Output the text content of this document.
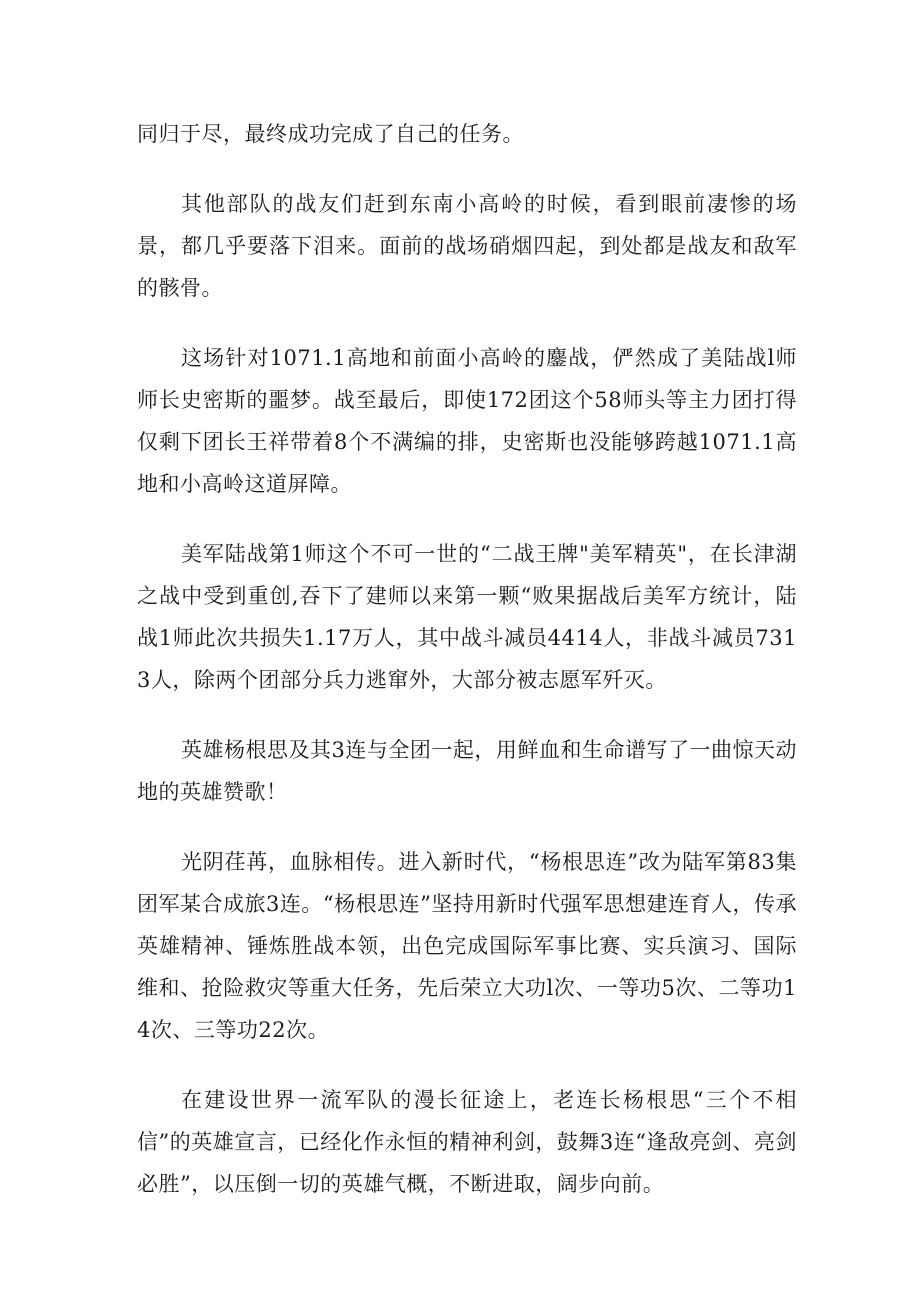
同归于尽，最终成功完成了自己的任务。

其他部队的战友们赶到东南小高岭的时候，看到眼前凄惨的场景，都几乎要落下泪来。面前的战场硝烟四起，到处都是战友和敌军的骸骨。

这场针对1071.1高地和前面小高岭的鏖战，俨然成了美陆战l师师长史密斯的噩梦。战至最后，即使172团这个58师头等主力团打得仅剩下团长王祥带着8个不满编的排，史密斯也没能够跨越1071.1高地和小高岭这道屏障。

美军陆战第1师这个不可一世的“二战王牌"美军精英"，在长津湖之战中受到重创,吞下了建师以来第一颗“败果据战后美军方统计，陆战1师此次共损失1.17万人，其中战斗减员4414人，非战斗减员7313人，除两个团部分兵力逃窜外，大部分被志愿军歼灭。

英雄杨根思及其3连与全团一起，用鲜血和生命谱写了一曲惊天动地的英雄赞歌！

光阴荏苒，血脉相传。进入新时代，“杨根思连”改为陆军第83集团军某合成旅3连。“杨根思连”坚持用新时代强军思想建连育人，传承英雄精神、锤炼胜战本领，出色完成国际军事比赛、实兵演习、国际维和、抢险救灾等重大任务，先后荣立大功l次、一等功5次、二等功14次、三等功22次。

在建设世界一流军队的漫长征途上，老连长杨根思“三个不相信”的英雄宣言，已经化作永恒的精神利剑，鼓舞3连“逢敌亮剑、亮剑必胜”，以压倒一切的英雄气概，不断进取，阔步向前。
